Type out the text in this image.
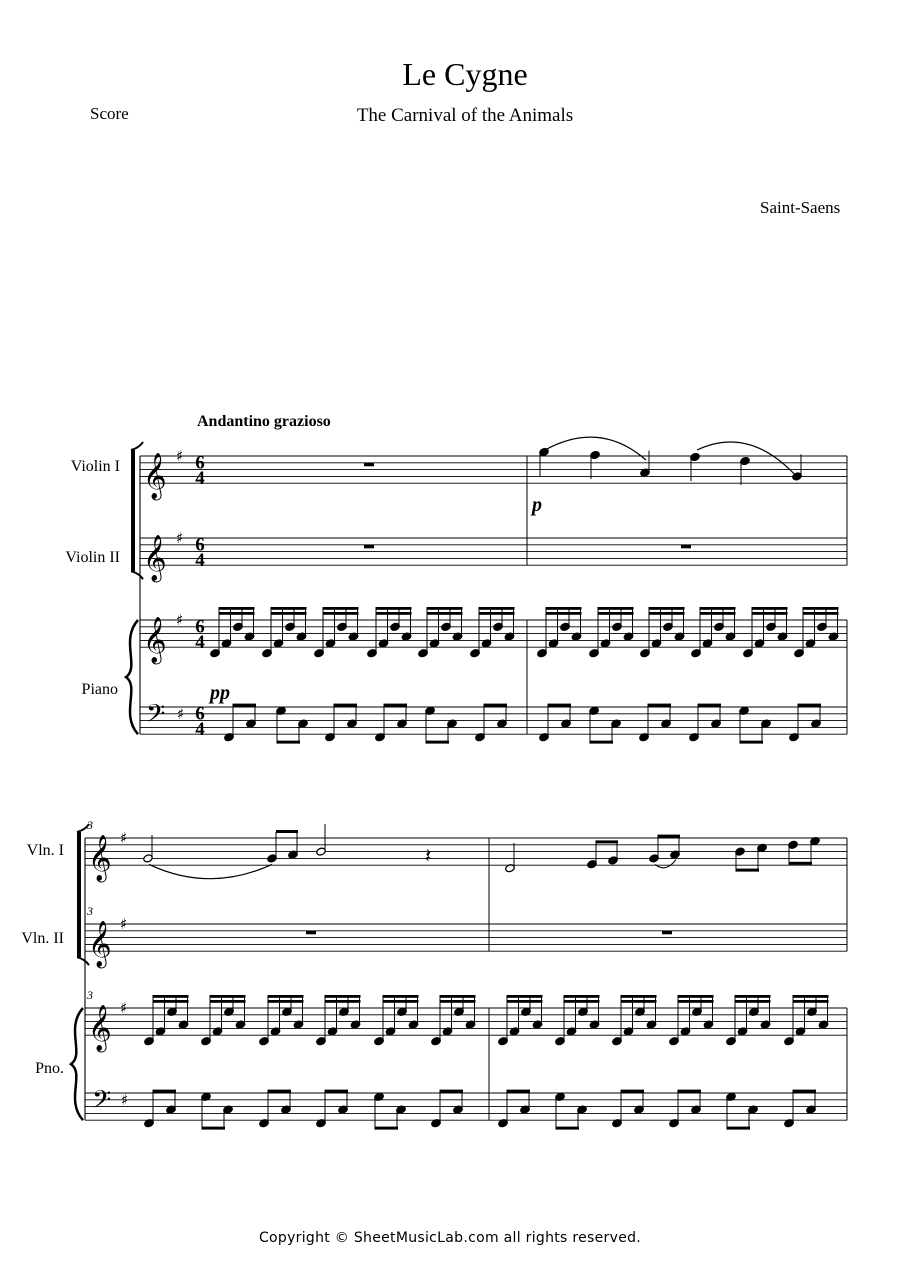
Le Cygne
The Carnival of the Animals
Score
Saint-Saens
Andantino grazioso
Violin I
Violin II
Piano
Vln. I
Vln. II
Pno.
p
pp
𝄞 ♯ 6
4
𝄞 ♯ 6
4
𝄞 ♯ 6
4
𝄢 ♯ 6
4
𝄞 ♯
3
𝄞 ♯
3
𝄞 ♯
3
𝄢 ♯
𝄽
Copyright © SheetMusicLab.com all rights reserved.
